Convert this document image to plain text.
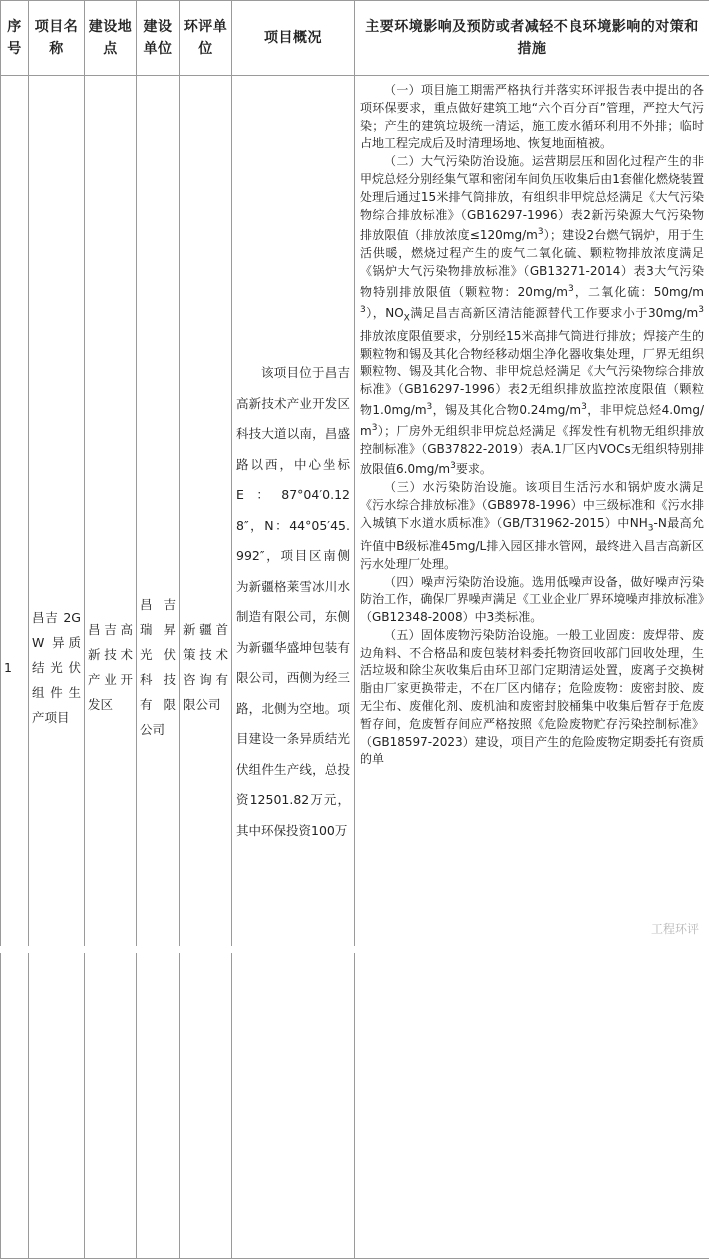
序号	项目名称	建设地点	建设单位	环评单位	项目概况	主要环境影响及预防或者减轻不良环境影响的对策和措施
1	昌吉 2GW 异质结光伏组件生产项目	昌吉高新技术产业开发区	昌吉瑞昇光伏科技有限公司	新疆首策技术咨询有限公司	该项目位于昌吉高新技术产业开发区科技大道以南，昌盛路以西，中心坐标E：87°04′0.128″，N：44°05′45.992″，项目区南侧为新疆格莱雪冰川水制造有限公司，东侧为新疆华盛坤包装有限公司，西侧为经三路，北侧为空地。项目建设一条异质结光伏组件生产线，总投资12501.82万元，其中环保投资100万	（一）项目施工期需严格执行并落实环评报告表中提出的各项环保要求，重点做好建筑工地“六个百分百”管理，严控大气污染；产生的建筑垃圾统一清运，施工废水循环利用不外排；临时占地工程完成后及时清理场地、恢复地面植被。

（二）大气污染防治设施。运营期层压和固化过程产生的非甲烷总烃分别经集气罩和密闭车间负压收集后由1套催化燃烧装置处理后通过15米排气筒排放，有组织非甲烷总烃满足《大气污染物综合排放标准》（GB16297-1996）表2新污染源大气污染物排放限值（排放浓度$\le 120mg/m^3$）；建设2台燃气锅炉，用于生活供暖，燃烧过程产生的废气二氧化硫、颗粒物排放浓度满足《锅炉大气污染物排放标准》（GB13271-2014）表3大气污染物特别排放限值（颗粒物：$20mg/m^3$，二氧化硫：$50mg/m^3$），$NO_X$满足昌吉高新区清洁能源替代工作要求小于$30mg/m^3$排放浓度限值要求，分别经15米高排气筒进行排放；焊接产生的颗粒物和锡及其化合物经移动烟尘净化器收集处理，厂界无组织颗粒物、锡及其化合物、非甲烷总烃满足《大气污染物综合排放标准》（GB16297-1996）表2无组织排放监控浓度限值（颗粒物$1.0mg/m^3$，锡及其化合物$0.24mg/m^3$，非甲烷总烃$4.0mg/m^3$）；厂房外无组织非甲烷总烃满足《挥发性有机物无组织排放控制标准》（GB37822-2019）表A.1厂区内VOCs无组织特别排放限值$6.0mg/m^3$要求。

（三）水污染防治设施。该项目生活污水和锅炉废水满足《污水综合排放标准》（GB8978-1996）中三级标准和《污水排入城镇下水道水质标准》（GB/T31962-2015）中$NH_3-N$最高允许值中B级标准45mg/L排入园区排水管网，最终进入昌吉高新区污水处理厂处理。

（四）噪声污染防治设施。选用低噪声设备，做好噪声污染防治工作，确保厂界噪声满足《工业企业厂界环境噪声排放标准》（GB12348-2008）中3类标准。

（五）固体废物污染防治设施。一般工业固废：废焊带、废边角料、不合格品和废包装材料委托物资回收部门回收处理，生活垃圾和除尘灰收集后由环卫部门定期清运处置，废离子交换树脂由厂家更换带走，不在厂区内储存；危险废物：废密封胶、废无尘布、废催化剂、废机油和废密封胶桶集中收集后暂存于危废暂存间，危废暂存间应严格按照《危险废物贮存污染控制标准》（GB18597-2023）建设，项目产生的危险废物定期委托有资质的单

工程环评
